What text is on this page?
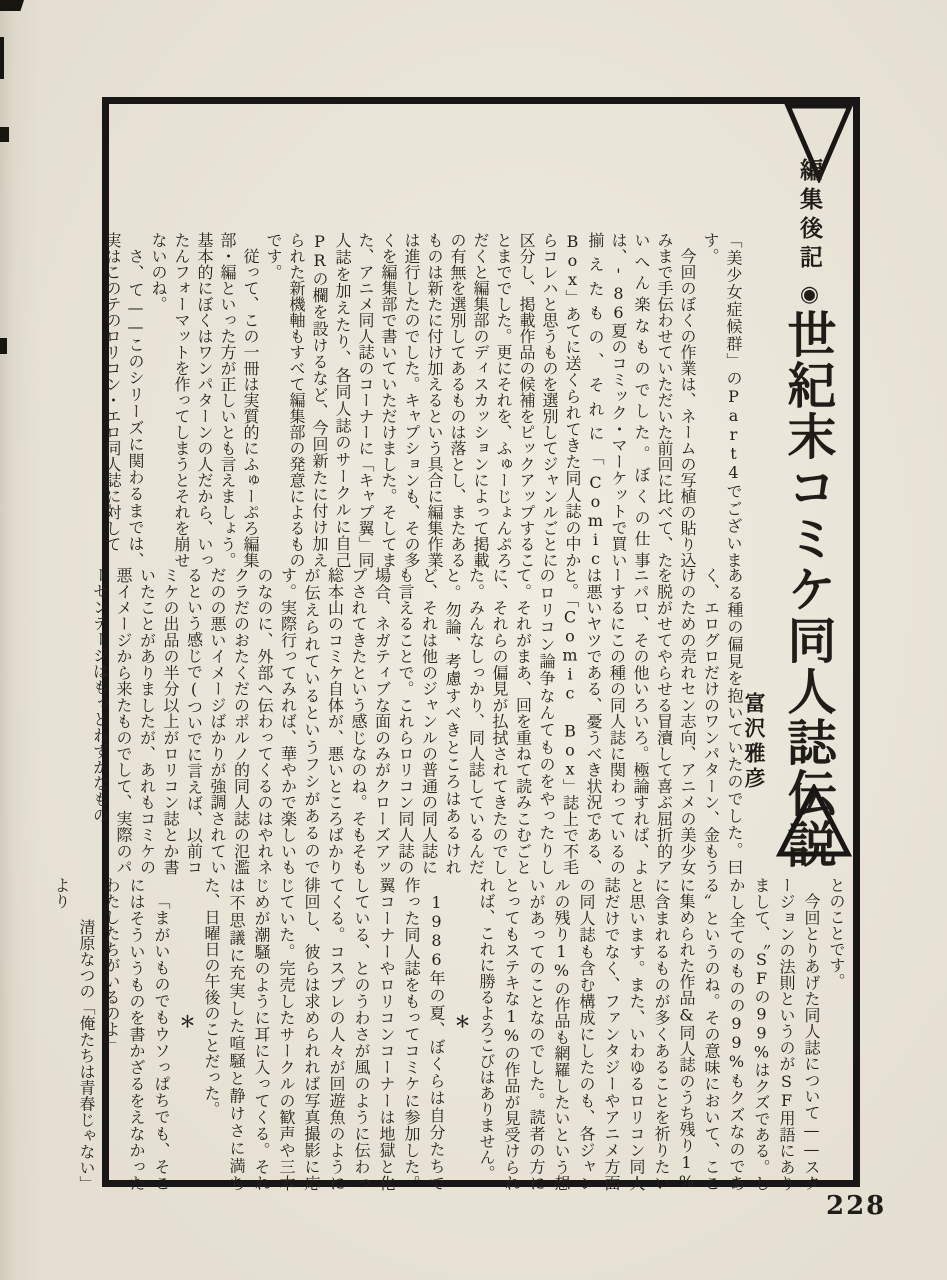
編集後記◉世紀末コミケ同人誌伝説
富沢雅彦

「美少女症候群」のPart4でございます。

今回のぼくの作業は、ネームの写植の貼り込みまで手伝わせていただいた前回に比べて、たいへん楽なものでした。ぼくの仕事は、'86夏のコミック・マーケットで買い揃えたもの、それに「Comic Box」あてに送くられてきた同人誌の中からコレハと思うものを選別してジャンルごとに区分し、掲載作品の候補をピックアップすることまででした。更にそれを、ふゅーじょんぷろだくと編集部のディスカッションによって掲載の有無を選別してあるものは落とし、またあるものは新たに付け加えるという具合に編集作業は進行したのでした。キャプションも、その多くを編集部で書いていただけました。そしてまた、アニメ同人誌のコーナーに「キャプ翼」同人誌を加えたり、各同人誌のサークルに自己PRの欄を設けるなど、今回新たに付け加えられた新機軸もすべて編集部の発意によるものです。

従って、この一冊は実質的にふゅーぷろ編集部・編といった方が正しいとも言えましょう。基本的にぼくはワンパターンの人だから、いったんフォーマットを作ってしまうとそれを崩せないのね。

さ、て——このシリーズに関わるまでは、実はこのテのロリコン・エロ同人誌に対して

ある種の偏見を抱いていたのでした。曰く、エログロだけのワンパターン、金もうけのための売れセン志向、アニメの美少女を脱がせてやらせる冒瀆して喜ぶ屈折的アニパロ、その他いろいろ。極論すれば、よーするにこの種の同人誌に関わっているのは悪いヤツである、憂うべき状況である、と。「Comic Box」誌上で不毛のロリコン論争なんてものをやったりして。それがまあ、回を重ねて読みこむごとに、それらの偏見が払拭されてきたのでした。みんなしっかり、同人誌しているんだと。勿論、考慮すべきところはあるけれど、それは他のジャンルの普通の同人誌にも言えることで。これらロリコン同人誌の場合、ネガティブな面のみがクローズアップされてきたという感じなのね。そもそも総本山のコミケ自体が、悪いところばかりが伝えられているというフシがあるのです。実際行ってみれば、華やかで楽しいものなのに、外部へ伝わってくるのはやれネクラだのおたくだのポルノ的同人誌の氾濫だのの悪いイメージばかりが強調されているという感じで(ついでに言えば、以前コミケの出品の半分以上がロリコン誌とか書いたことがありましたが、あれもコミケの悪イメージから来たものでして、実際のパーセンテージはもっとわずかなもの

とのことです。

今回とりあげた同人誌について——スタージョンの法則というのがSF用語にありまして、〝SFの99%はクズである。しかし全てのものの99%もクズなのである〟というのね。その意味において、ここに集められた作品&同人誌のうち残り1%に含まれるものが多くあることを祈りたいと思います。また、いわゆるロリコン同人誌だけでなく、ファンタジーやアニメ方面の同人誌も含む構成にしたのも、各ジャンルの残り1%の作品も網羅したいという想いがあってのことなのでした。読者の方にとってもステキな1%の作品が見受けられれば、これに勝るよろこびはありません。

＊

1986年の夏、ぼくらは自分たちで作った同人誌をもってコミケに参加した。翼コーナーやロリコンコーナーは地獄と化している、とのうわさが風のように伝わってくる。コスプレの人々が回遊魚のように徘回し、彼らは求められれば写真撮影に応じていた。完売したサークルの歓声や三本じめが潮騒のように耳に入ってくる。それは不思議に充実した喧騒と静けさに満ちた、日曜日の午後のことだった。

＊

「まがいものでもウソっぱちでも、そこにはそういうものを書かざるをえなかったわたしたちがいるのよ」

清原なつの「俺たちは青春じゃない」より

228
